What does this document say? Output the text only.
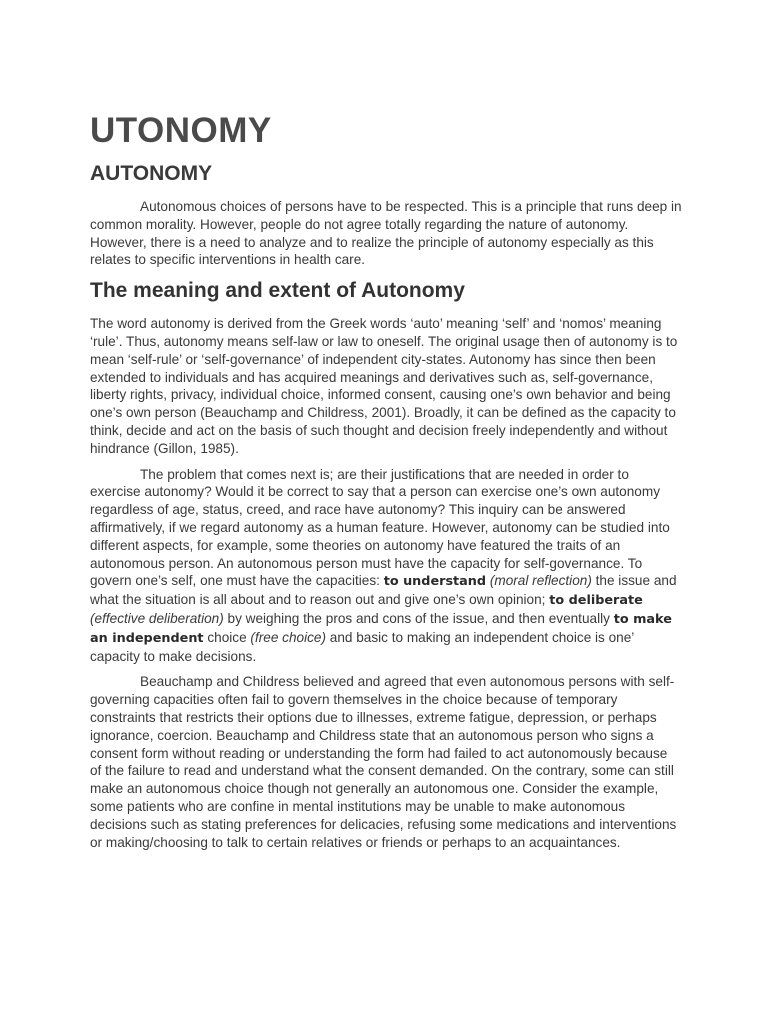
UTONOMY
AUTONOMY

Autonomous choices of persons have to be respected. This is a principle that runs deep in common morality. However, people do not agree totally regarding the nature of autonomy. However, there is a need to analyze and to realize the principle of autonomy especially as this relates to specific interventions in health care.

The meaning and extent of Autonomy

The word autonomy is derived from the Greek words ‘auto’ meaning ‘self’ and ‘nomos’ meaning ‘rule’. Thus, autonomy means self-law or law to oneself. The original usage then of autonomy is to mean ‘self-rule’ or ‘self-governance’ of independent city-states. Autonomy has since then been extended to individuals and has acquired meanings and derivatives such as, self-governance, liberty rights, privacy, individual choice, informed consent, causing one’s own behavior and being one’s own person (Beauchamp and Childress, 2001). Broadly, it can be defined as the capacity to think, decide and act on the basis of such thought and decision freely independently and without hindrance (Gillon, 1985).

The problem that comes next is; are their justifications that are needed in order to exercise autonomy? Would it be correct to say that a person can exercise one’s own autonomy regardless of age, status, creed, and race have autonomy? This inquiry can be answered affirmatively, if we regard autonomy as a human feature. However, autonomy can be studied into different aspects, for example, some theories on autonomy have featured the traits of an autonomous person. An autonomous person must have the capacity for self-governance. To govern one’s self, one must have the capacities: to understand (moral reflection) the issue and what the situation is all about and to reason out and give one’s own opinion; to deliberate (effective deliberation) by weighing the pros and cons of the issue, and then eventually to make an independent choice (free choice) and basic to making an independent choice is one’ capacity to make decisions.

Beauchamp and Childress believed and agreed that even autonomous persons with self-governing capacities often fail to govern themselves in the choice because of temporary constraints that restricts their options due to illnesses, extreme fatigue, depression, or perhaps ignorance, coercion. Beauchamp and Childress state that an autonomous person who signs a consent form without reading or understanding the form had failed to act autonomously because of the failure to read and understand what the consent demanded. On the contrary, some can still make an autonomous choice though not generally an autonomous one. Consider the example, some patients who are confine in mental institutions may be unable to make autonomous decisions such as stating preferences for delicacies, refusing some medications and interventions or making/choosing to talk to certain relatives or friends or perhaps to an acquaintances.
